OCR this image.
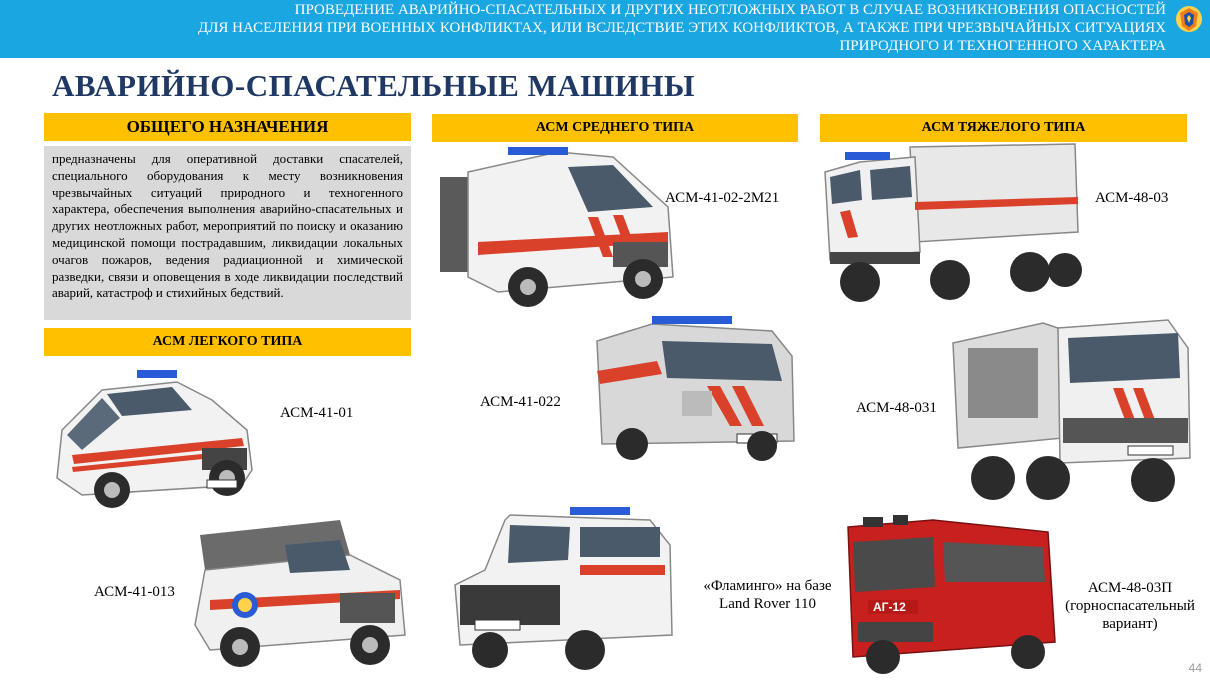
ПРОВЕДЕНИЕ АВАРИЙНО-СПАСАТЕЛЬНЫХ И ДРУГИХ НЕОТЛОЖНЫХ РАБОТ В СЛУЧАЕ ВОЗНИКНОВЕНИЯ ОПАСНОСТЕЙ
ДЛЯ НАСЕЛЕНИЯ ПРИ ВОЕННЫХ КОНФЛИКТАХ, ИЛИ ВСЛЕДСТВИЕ ЭТИХ КОНФЛИКТОВ, А ТАКЖЕ ПРИ ЧРЕЗВЫЧАЙНЫХ СИТУАЦИЯХ
ПРИРОДНОГО И ТЕХНОГЕННОГО ХАРАКТЕРА
АВАРИЙНО-СПАСАТЕЛЬНЫЕ МАШИНЫ
ОБЩЕГО НАЗНАЧЕНИЯ	АСМ СРЕДНЕГО ТИПА	АСМ ТЯЖЕЛОГО ТИПА
АСМ ЛЕГКОГО ТИПА
предназначены для оперативной доставки спасателей, специального оборудования к месту возникновения чрезвычайных ситуаций природного и техногенного характера, обеспечения выполнения аварийно-спасательных и других неотложных работ, мероприятий по поиску и оказанию медицинской помощи пострадавшим, ликвидации локальных очагов пожаров, ведения радиационной и химической разведки, связи и оповещения в ходе ликвидации последствий аварий, катастроф и стихийных бедствий.
АСМ-41-01
АСМ-41-013
АСМ-41-02-2М21
АСМ-41-022
«Фламинго» на базе
Land Rover 110
АСМ-48-03
АСМ-48-031
АГ-12
АСМ-48-03П
(горноспасательный
вариант)
44
